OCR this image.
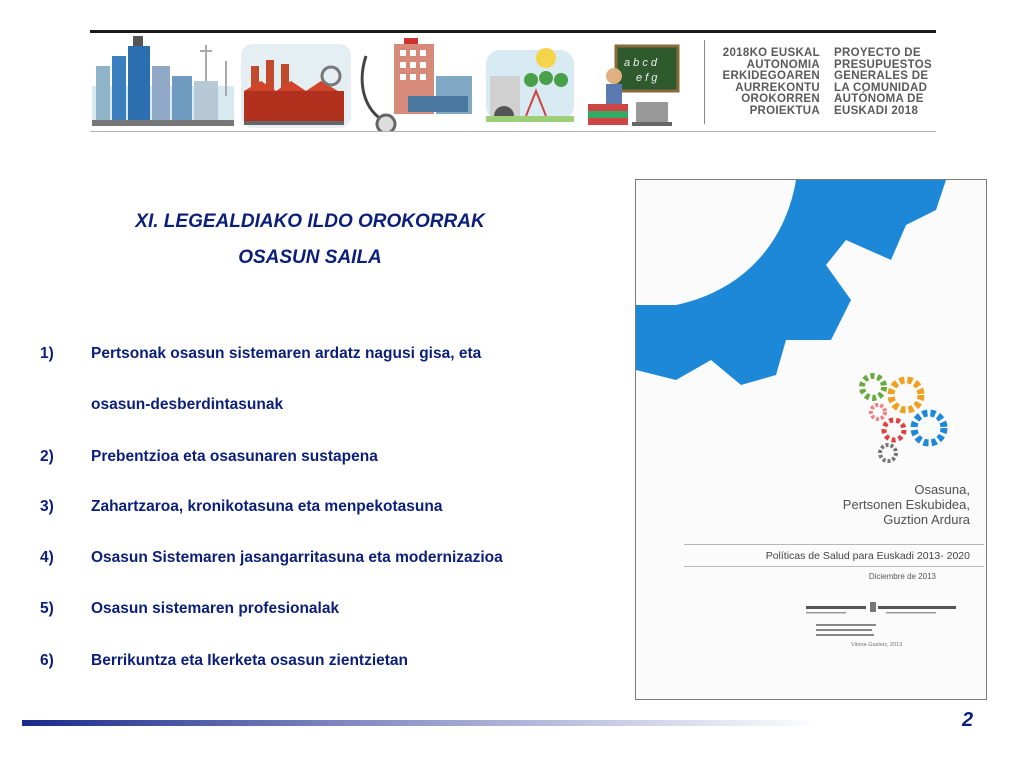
a b c d
e f g
2018KO EUSKAL
AUTONOMIA
ERKIDEGOAREN
AURREKONTU
OROKORREN
PROIEKTUA
PROYECTO DE
PRESUPUESTOS
GENERALES DE
LA COMUNIDAD
AUTÓNOMA DE
EUSKADI 2018
XI. LEGEALDIAKO ILDO OROKORRAK
OSASUN SAILA
1)	Pertsonak osasun sistemaren ardatz nagusi gisa, eta
osasun-desberdintasunak
2)	Prebentzioa eta osasunaren sustapena
3)	Zahartzaroa, kronikotasuna eta menpekotasuna
4)	Osasun Sistemaren jasangarritasuna eta modernizazioa
5)	Osasun sistemaren profesionalak
6)	Berrikuntza eta Ikerketa osasun zientzietan
Osasuna,
Pertsonen Eskubidea,
Guztion Ardura
Políticas de Salud para Euskadi 2013- 2020
Diciembre de 2013
Vitoria-Gasteiz, 2013
2
